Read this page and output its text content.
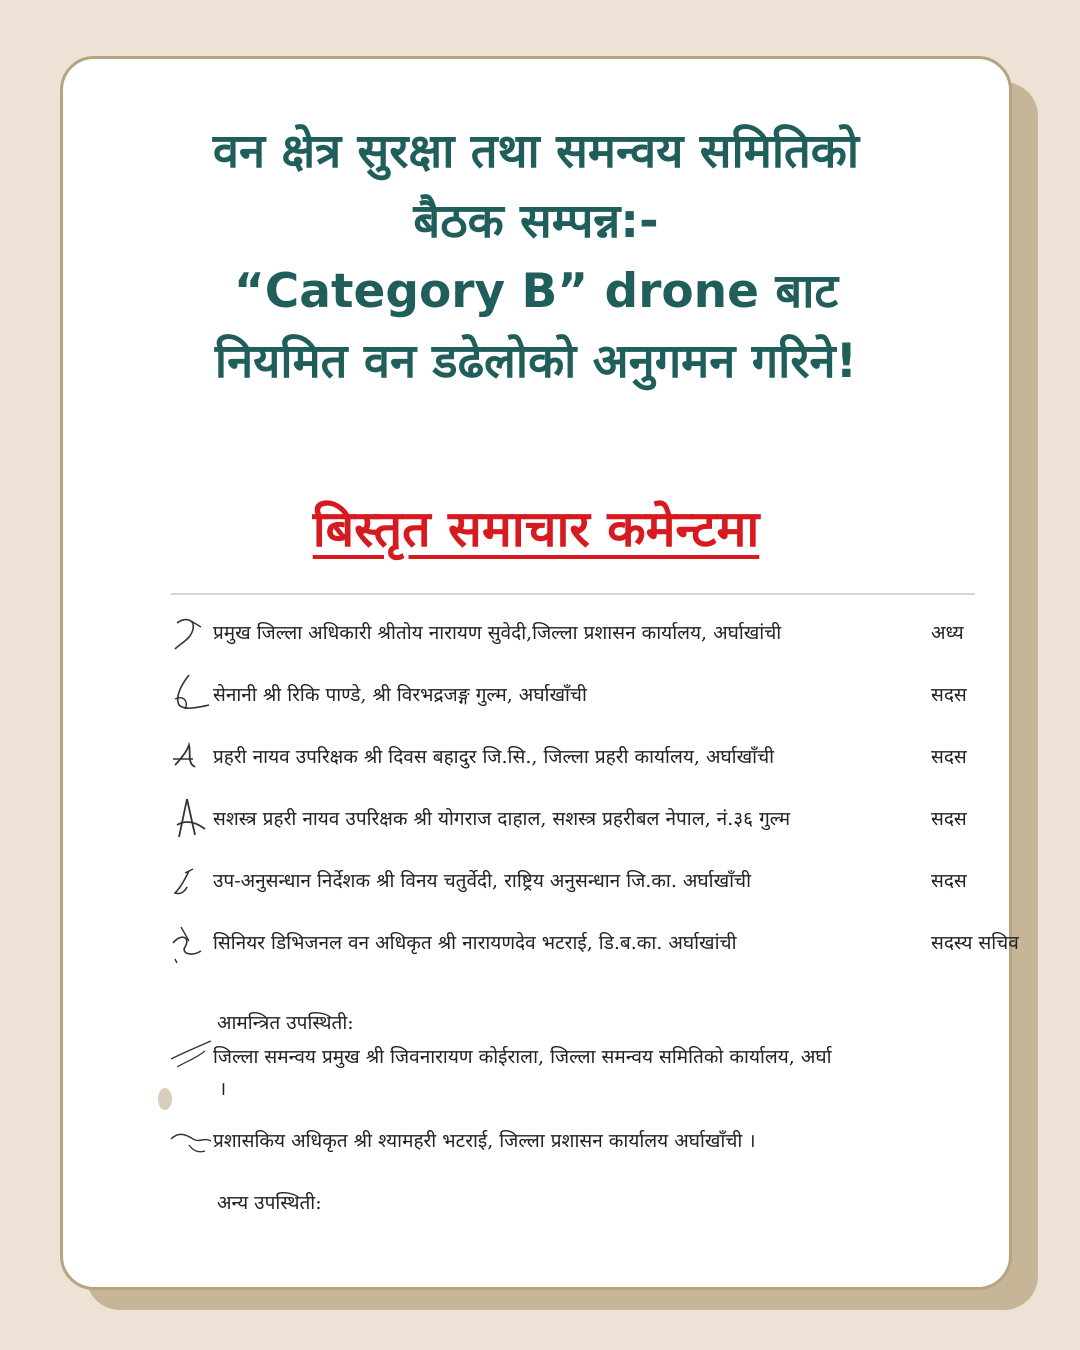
वन क्षेत्र सुरक्षा तथा समन्वय समितिको
बैठक सम्पन्न:-
“Category B” drone बाट
नियमित वन डढेलोको अनुगमन गरिने!
बिस्तृत समाचार कमेन्टमा
प्रमुख जिल्ला अधिकारी श्रीतोय नारायण सुवेदी,जिल्ला प्रशासन कार्यालय, अर्घाखांची	अध्य
सेनानी श्री रिकि पाण्डे, श्री विरभद्रजङ्ग गुल्म, अर्घाखाँची	सदस
प्रहरी नायव उपरिक्षक श्री दिवस बहादुर जि.सि., जिल्ला प्रहरी कार्यालय, अर्घाखाँची	सदस
सशस्त्र प्रहरी नायव उपरिक्षक श्री योगराज दाहाल, सशस्त्र प्रहरीबल नेपाल, नं.३६ गुल्म	सदस
उप-अनुसन्धान निर्देशक श्री विनय चतुर्वेदी, राष्ट्रिय अनुसन्धान जि.का. अर्घाखाँची	सदस
सिनियर डिभिजनल वन अधिकृत श्री नारायणदेव भटराई, डि.ब.का. अर्घाखांची	सदस्य सचिव
आमन्त्रित उपस्थिती:
जिल्ला समन्वय प्रमुख श्री जिवनारायण कोईराला, जिल्ला समन्वय समितिको कार्यालय, अर्घा
।
प्रशासकिय अधिकृत श्री श्यामहरी भटराई, जिल्ला प्रशासन कार्यालय अर्घाखाँची ।
अन्य उपस्थिती:
